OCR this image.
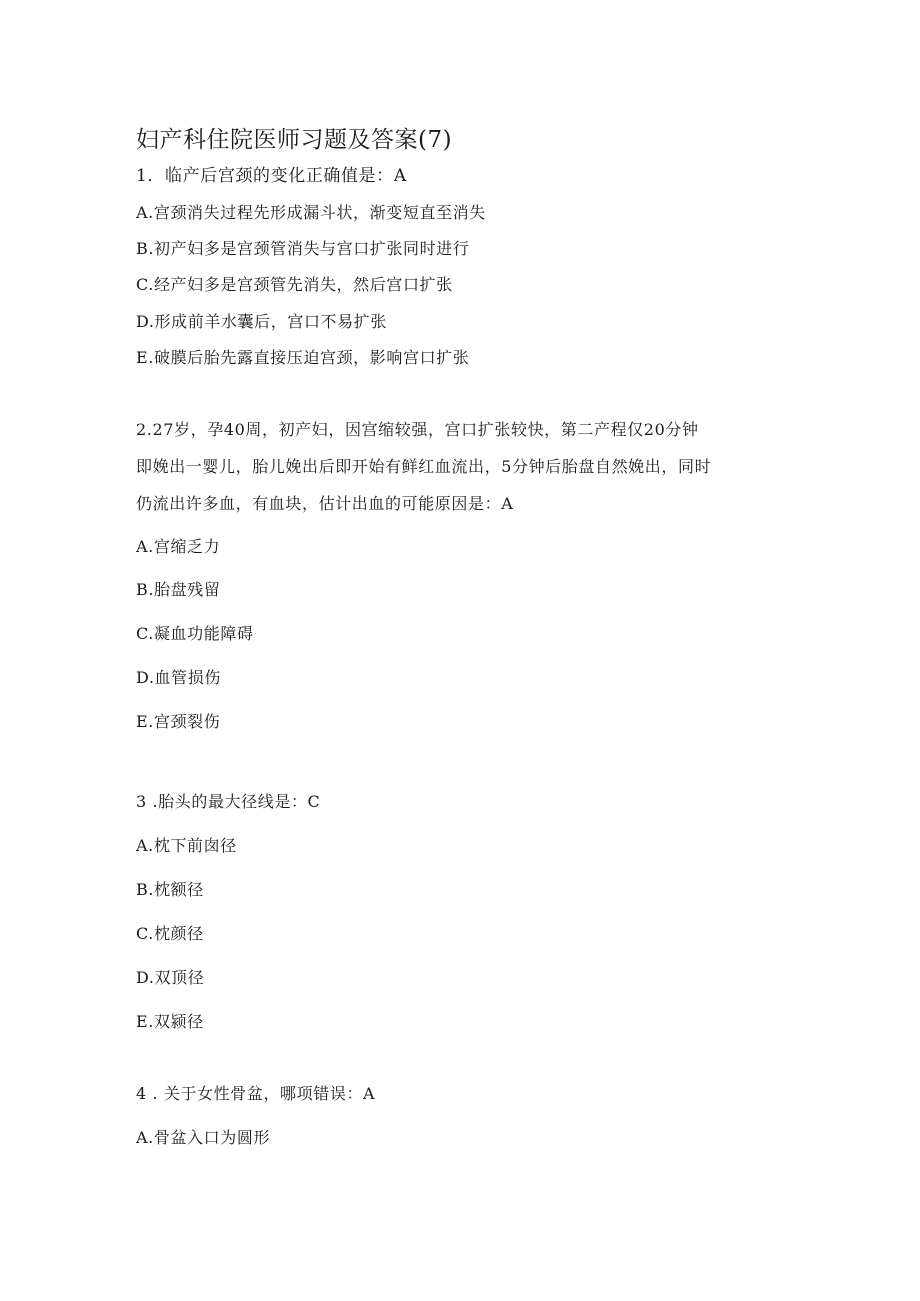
妇产科住院医师习题及答案(7)
1．临产后宫颈的变化正确值是：A
A.宫颈消失过程先形成漏斗状，渐变短直至消失
B.初产妇多是宫颈管消失与宫口扩张同时进行
C.经产妇多是宫颈管先消失，然后宫口扩张
D.形成前羊水囊后，宫口不易扩张
E.破膜后胎先露直接压迫宫颈，影响宫口扩张
2.27岁，孕40周，初产妇，因宫缩较强，宫口扩张较快，第二产程仅20分钟
即娩出一婴儿，胎儿娩出后即开始有鲜红血流出，5分钟后胎盘自然娩出，同时
仍流出许多血，有血块，估计出血的可能原因是：A
A.宫缩乏力
B.胎盘残留
C.凝血功能障碍
D.血管损伤
E.宫颈裂伤
3 .胎头的最大径线是：C
A.枕下前囱径
B.枕额径
C.枕颜径
D.双顶径
E.双颍径
4 . 关于女性骨盆，哪项错误：A
A.骨盆入口为圆形
